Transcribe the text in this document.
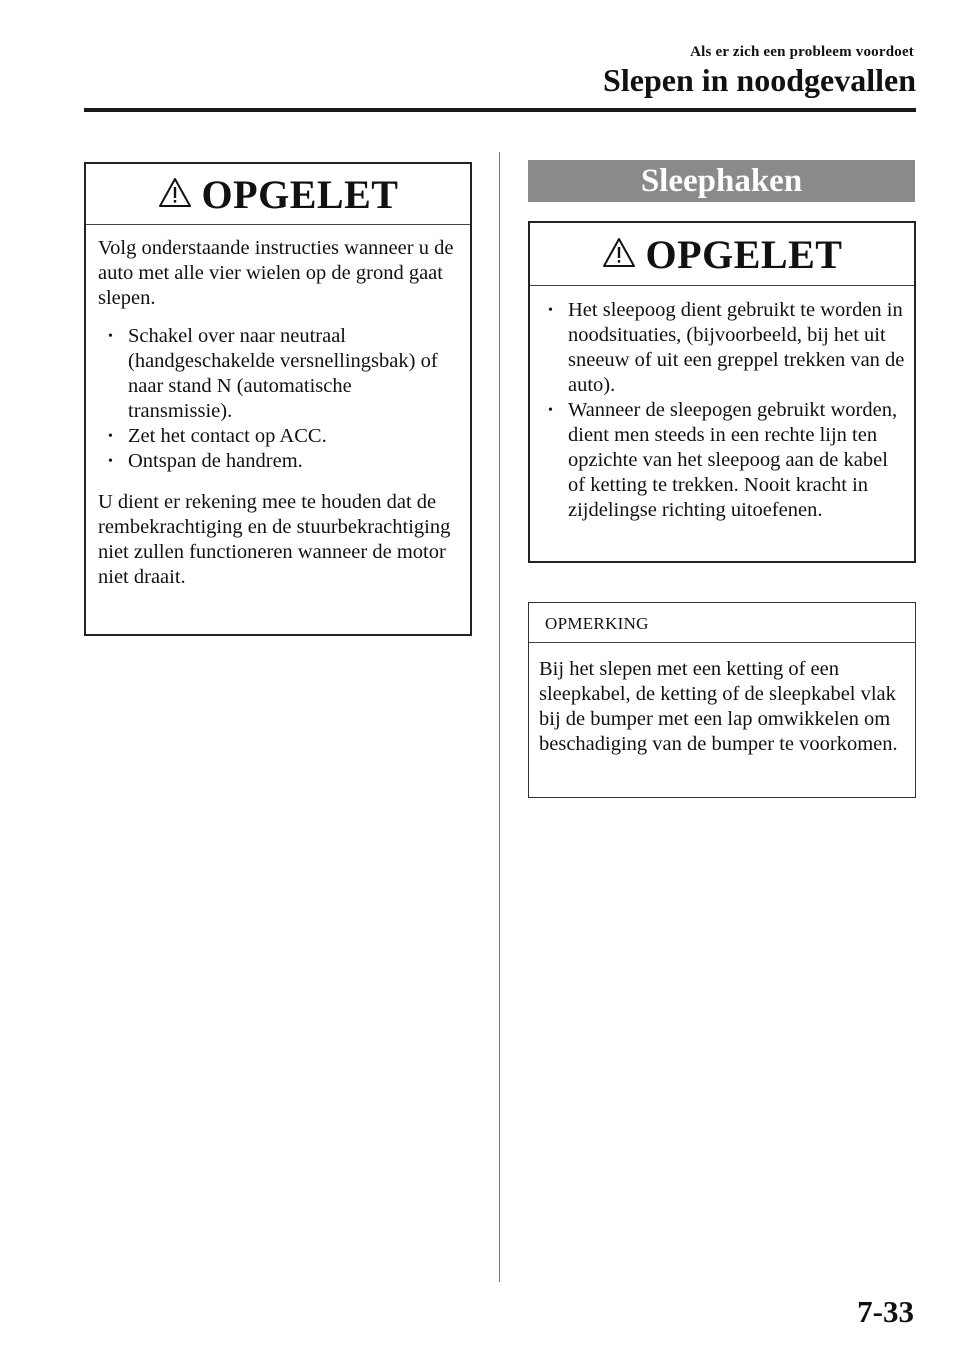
Als er zich een probleem voordoet
Slepen in noodgevallen
OPGELET

Volg onderstaande instructies wanneer u de auto met alle vier wielen op de grond gaat slepen.

• Schakel over naar neutraal (handgeschakelde versnellingsbak) of naar stand N (automatische transmissie).
• Zet het contact op ACC.
• Ontspan de handrem.

U dient er rekening mee te houden dat de rembekrachtiging en de stuurbekrachtiging niet zullen functioneren wanneer de motor niet draait.

Sleephaken
OPGELET
• Het sleepoog dient gebruikt te worden in noodsituaties, (bijvoorbeeld, bij het uit sneeuw of uit een greppel trekken van de auto).
• Wanneer de sleepogen gebruikt worden, dient men steeds in een rechte lijn ten opzichte van het sleepoog aan de kabel of ketting te trekken. Nooit kracht in zijdelingse richting uitoefenen.
OPMERKING

Bij het slepen met een ketting of een sleepkabel, de ketting of de sleepkabel vlak bij de bumper met een lap omwikkelen om beschadiging van de bumper te voorkomen.

7-33
